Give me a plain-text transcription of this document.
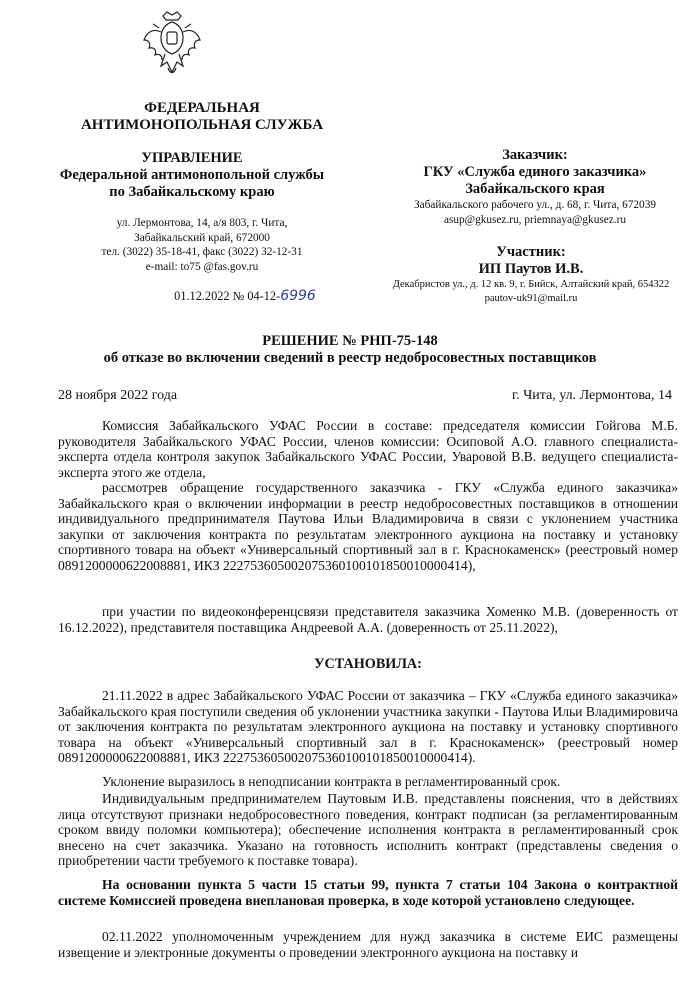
ФЕДЕРАЛЬНАЯ
АНТИМОНОПОЛЬНАЯ СЛУЖБА
УПРАВЛЕНИЕ
Федеральной антимонопольной службы
по Забайкальскому краю
ул. Лермонтова, 14, а/я 803, г. Чита,
Забайкальский край, 672000
тел. (3022) 35-18-41, факс (3022) 32-12-31
e-mail: to75 @fas.gov.ru
01.12.2022 № 04-12-6996
Заказчик:
ГКУ «Служба единого заказчика»
Забайкальского края
Забайкальского рабочего ул., д. 68, г. Чита, 672039
asup@gkusez.ru, priemnaya@gkusez.ru
Участник:
ИП Паутов И.В.
Декабристов ул., д. 12 кв. 9, г. Бийск, Алтайский край, 654322
pautov-uk91@mail.ru
РЕШЕНИЕ № РНП-75-148
об отказе во включении сведений в реестр недобросовестных поставщиков
28 ноября 2022 года	г. Чита, ул. Лермонтова, 14

Комиссия Забайкальского УФАС России в составе: председателя комиссии Гойгова М.Б. руководителя Забайкальского УФАС России, членов комиссии: Осиповой А.О. главного специалиста-эксперта отдела контроля закупок Забайкальского УФАС России, Уваровой В.В. ведущего специалиста-эксперта этого же отдела,

рассмотрев обращение государственного заказчика - ГКУ «Служба единого заказчика» Забайкальского края о включении информации в реестр недобросовестных поставщиков в отношении индивидуального предпринимателя Паутова Ильи Владимировича в связи с уклонением участника закупки от заключения контракта по результатам электронного аукциона на поставку и установку спортивного товара на объект «Универсальный спортивный зал в г. Краснокаменск» (реестровый номер 0891200000622008881, ИКЗ 222753605002075360100101850010000414),

при участии по видеоконференцсвязи представителя заказчика Хоменко М.В. (доверенность от 16.12.2022), представителя поставщика Андреевой А.А. (доверенность от 25.11.2022),

УСТАНОВИЛА:

21.11.2022 в адрес Забайкальского УФАС России от заказчика – ГКУ «Служба единого заказчика» Забайкальского края поступили сведения об уклонении участника закупки - Паутова Ильи Владимировича от заключения контракта по результатам электронного аукциона на поставку и установку спортивного товара на объект «Универсальный спортивный зал в г. Краснокаменск» (реестровый номер 0891200000622008881, ИКЗ 222753605002075360100101850010000414).

Уклонение выразилось в неподписании контракта в регламентированный срок.

Индивидуальным предпринимателем Паутовым И.В. представлены пояснения, что в действиях лица отсутствуют признаки недобросовестного поведения, контракт подписан (за регламентированным сроком ввиду поломки компьютера); обеспечение исполнения контракта в регламентированный срок внесено на счет заказчика. Указано на готовность исполнить контракт (представлены сведения о приобретении части требуемого к поставке товара).

На основании пункта 5 части 15 статьи 99, пункта 7 статьи 104 Закона о контрактной системе Комиссией проведена внеплановая проверка, в ходе которой установлено следующее.

02.11.2022 уполномоченным учреждением для нужд заказчика в системе ЕИС размещены извещение и электронные документы о проведении электронного аукциона на поставку и
